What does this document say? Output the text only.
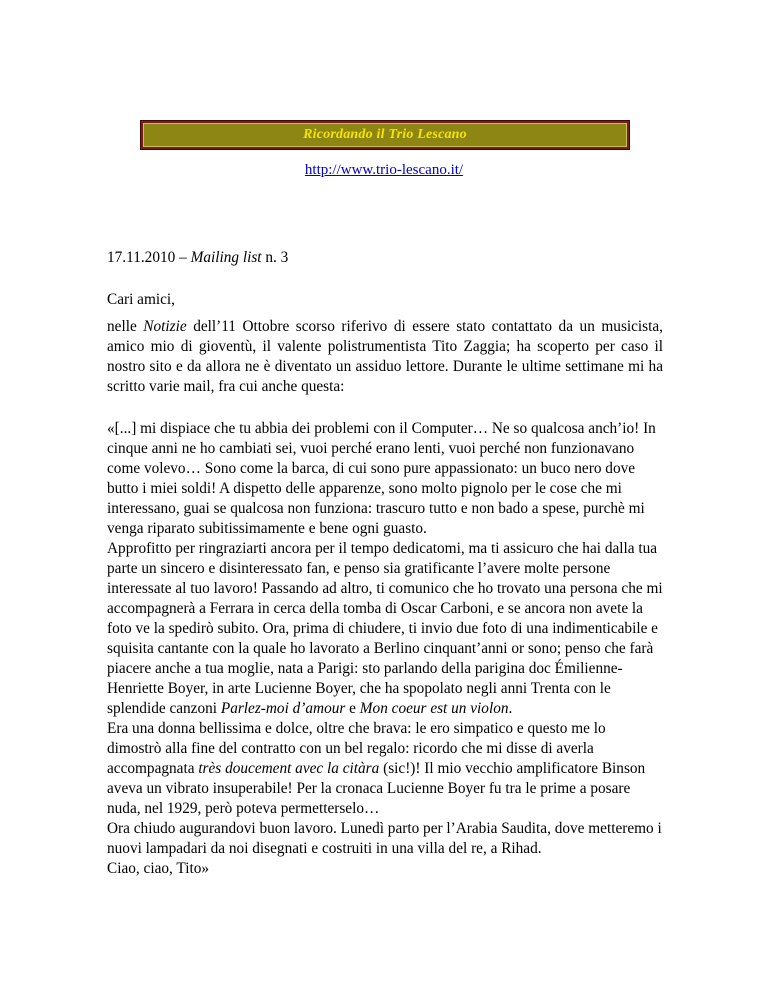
Ricordando il Trio Lescano
http://www.trio-lescano.it/
17.11.2010 – Mailing list n. 3
Cari amici,

nelle Notizie dell’11 Ottobre scorso riferivo di essere stato contattato da un musicista, amico mio di gioventù, il valente polistrumentista Tito Zaggia; ha scoperto per caso il nostro sito e da allora ne è diventato un assiduo lettore. Durante le ultime settimane mi ha scritto varie mail, fra cui anche questa:

«[...] mi dispiace che tu abbia dei problemi con il Computer… Ne so qualcosa anch’io! In cinque anni ne ho cambiati sei, vuoi perché erano lenti, vuoi perché non funzionavano come volevo… Sono come la barca, di cui sono pure appassionato: un buco nero dove butto i miei soldi! A dispetto delle apparenze, sono molto pignolo per le cose che mi interessano, guai se qualcosa non funziona: trascuro tutto e non bado a spese, purchè mi venga riparato subitissimamente e bene ogni guasto.

Approfitto per ringraziarti ancora per il tempo dedicatomi, ma ti assicuro che hai dalla tua parte un sincero e disinteressato fan, e penso sia gratificante l’avere molte persone interessate al tuo lavoro! Passando ad altro, ti comunico che ho trovato una persona che mi accompagnerà a Ferrara in cerca della tomba di Oscar Carboni, e se ancora non avete la foto ve la spedirò subito. Ora, prima di chiudere, ti invio due foto di una indimenticabile e squisita cantante con la quale ho lavorato a Berlino cinquant’anni or sono; penso che farà piacere anche a tua moglie, nata a Parigi: sto parlando della parigina doc Émilienne-Henriette Boyer, in arte Lucienne Boyer, che ha spopolato negli anni Trenta con le splendide canzoni Parlez-moi d’amour e Mon coeur est un violon.

Era una donna bellissima e dolce, oltre che brava: le ero simpatico e questo me lo dimostrò alla fine del contratto con un bel regalo: ricordo che mi disse di averla accompagnata très doucement avec la citàra (sic!)! Il mio vecchio amplificatore Binson aveva un vibrato insuperabile! Per la cronaca Lucienne Boyer fu tra le prime a posare nuda, nel 1929, però poteva permetterselo…

Ora chiudo augurandovi buon lavoro. Lunedì parto per l’Arabia Saudita, dove metteremo i nuovi lampadari da noi disegnati e costruiti in una villa del re, a Rihad.

Ciao, ciao, Tito»
